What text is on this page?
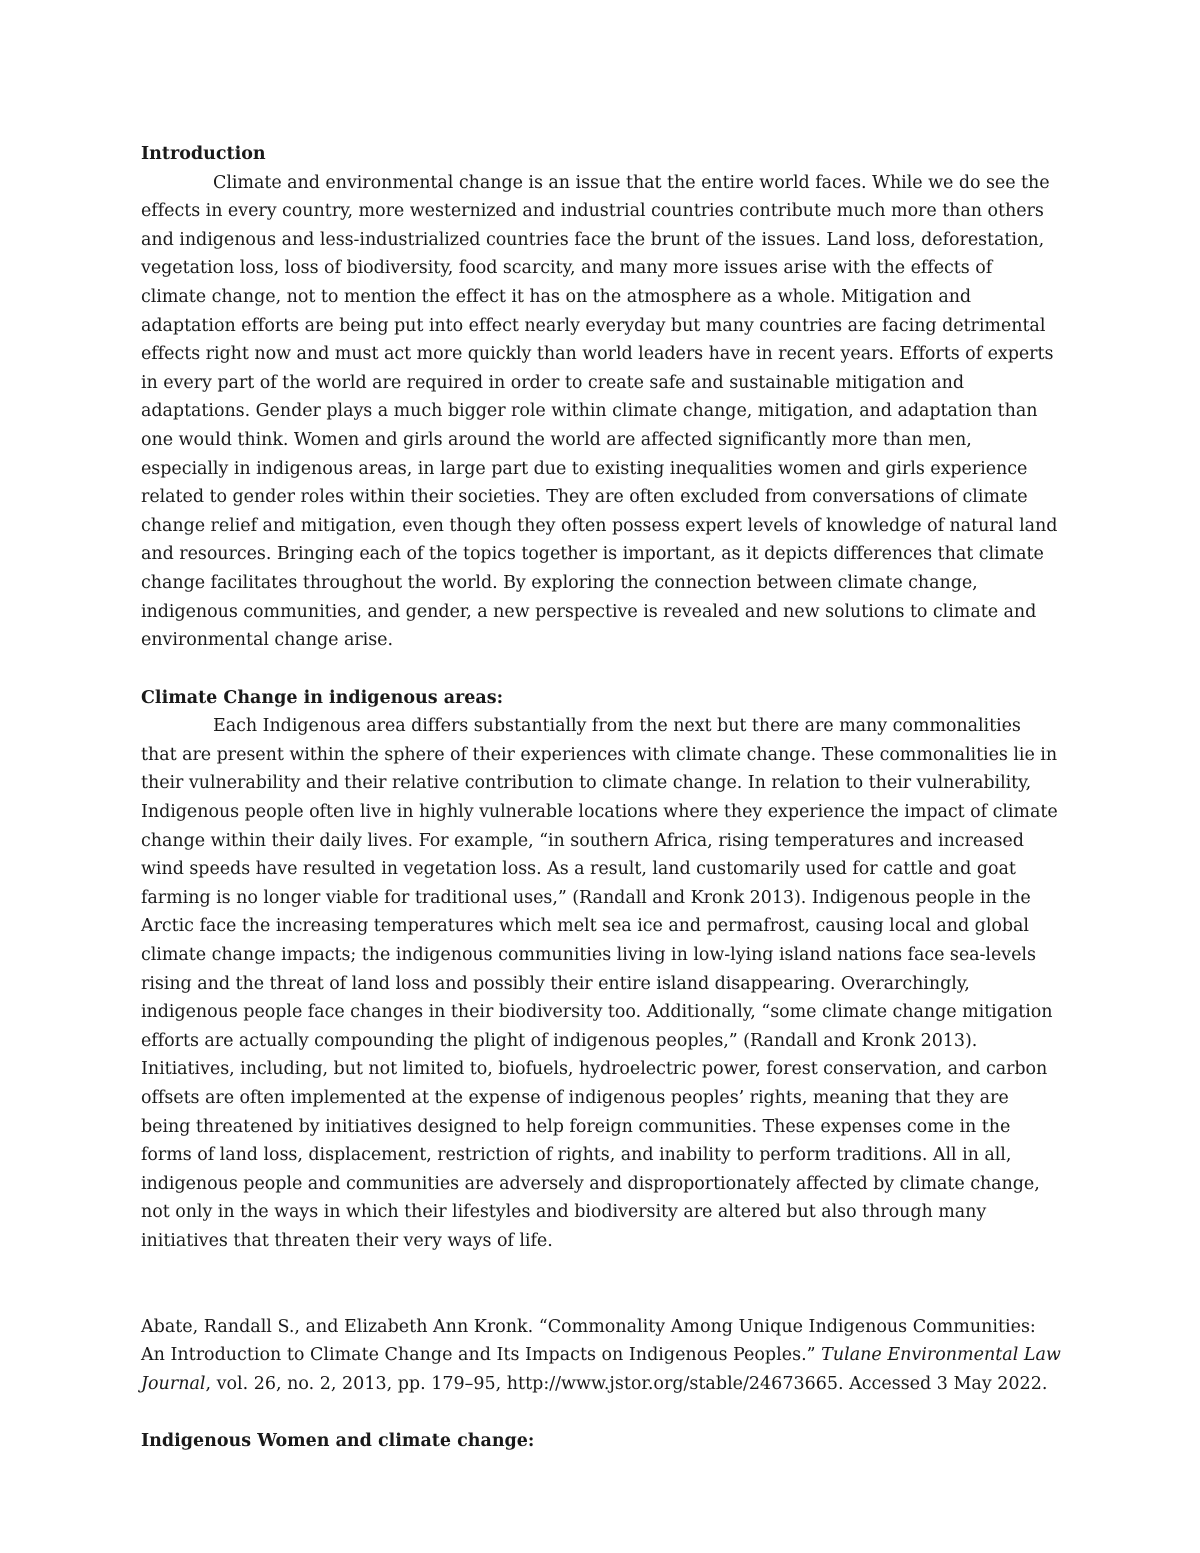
Introduction

Climate and environmental change is an issue that the entire world faces. While we do see the effects in every country, more westernized and industrial countries contribute much more than others and indigenous and less-industrialized countries face the brunt of the issues. Land loss, deforestation, vegetation loss, loss of biodiversity, food scarcity, and many more issues arise with the effects of climate change, not to mention the effect it has on the atmosphere as a whole. Mitigation and adaptation efforts are being put into effect nearly everyday but many countries are facing detrimental effects right now and must act more quickly than world leaders have in recent years. Efforts of experts in every part of the world are required in order to create safe and sustainable mitigation and adaptations. Gender plays a much bigger role within climate change, mitigation, and adaptation than one would think. Women and girls around the world are affected significantly more than men, especially in indigenous areas, in large part due to existing inequalities women and girls experience related to gender roles within their societies. They are often excluded from conversations of climate change relief and mitigation, even though they often possess expert levels of knowledge of natural land and resources. Bringing each of the topics together is important, as it depicts differences that climate change facilitates throughout the world. By exploring the connection between climate change, indigenous communities, and gender, a new perspective is revealed and new solutions to climate and environmental change arise.

Climate Change in indigenous areas:

Each Indigenous area differs substantially from the next but there are many commonalities that are present within the sphere of their experiences with climate change. These commonalities lie in their vulnerability and their relative contribution to climate change. In relation to their vulnerability, Indigenous people often live in highly vulnerable locations where they experience the impact of climate change within their daily lives. For example, “in southern Africa, rising temperatures and increased wind speeds have resulted in vegetation loss. As a result, land customarily used for cattle and goat farming is no longer viable for traditional uses,” (Randall and Kronk 2013). Indigenous people in the Arctic face the increasing temperatures which melt sea ice and permafrost, causing local and global climate change impacts; the indigenous communities living in low-lying island nations face sea-levels rising and the threat of land loss and possibly their entire island disappearing. Overarchingly, indigenous people face changes in their biodiversity too. Additionally, “some climate change mitigation efforts are actually compounding the plight of indigenous peoples,” (Randall and Kronk 2013). Initiatives, including, but not limited to, biofuels, hydroelectric power, forest conservation, and carbon offsets are often implemented at the expense of indigenous peoples’ rights, meaning that they are being threatened by initiatives designed to help foreign communities. These expenses come in the forms of land loss, displacement, restriction of rights, and inability to perform traditions. All in all, indigenous people and communities are adversely and disproportionately affected by climate change, not only in the ways in which their lifestyles and biodiversity are altered but also through many initiatives that threaten their very ways of life.

Abate, Randall S., and Elizabeth Ann Kronk. “Commonality Among Unique Indigenous Communities: An Introduction to Climate Change and Its Impacts on Indigenous Peoples.” Tulane Environmental Law Journal, vol. 26, no. 2, 2013, pp. 179–95, http://www.jstor.org/stable/24673665. Accessed 3 May 2022.

Indigenous Women and climate change:
